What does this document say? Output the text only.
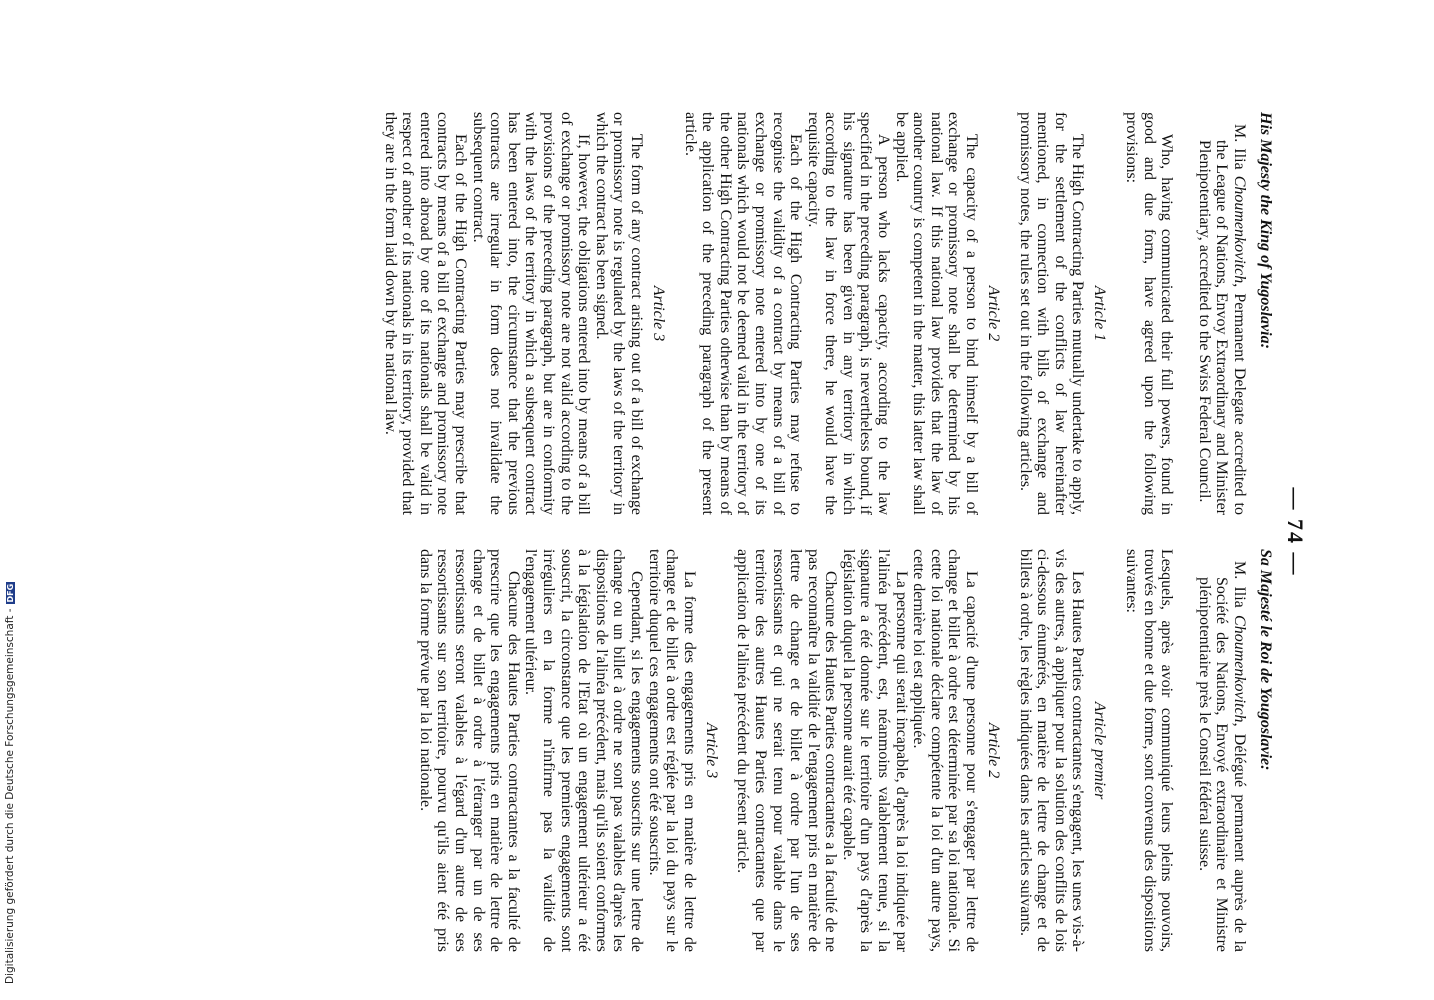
— 74 —
His Majesty the King of Yugoslavia:
M. Ilia Choumenkovitch, Permanent Delegate accredited to the League of Nations, Envoy Extraordinary and Minister Plenipotentiary, accredited to the Swiss Federal Council.

Who, having communicated their full powers, found in good and due form, have agreed upon the following provisions:

Article 1

The High Contracting Parties mutually undertake to apply, for the settlement of the conflicts of law hereinafter mentioned, in connection with bills of exchange and promissory notes, the rules set out in the following articles.

Article 2

The capacity of a person to bind himself by a bill of exchange or promissory note shall be determined by his national law. If this national law provides that the law of another country is competent in the matter, this latter law shall be applied.

A person who lacks capacity, according to the law specified in the preceding paragraph, is nevertheless bound, if his signature has been given in any territory in which according to the law in force there, he would have the requisite capacity.

Each of the High Contracting Parties may refuse to recognise the validity of a contract by means of a bill of exchange or promissory note entered into by one of its nationals which would not be deemed valid in the territory of the other High Contracting Parties otherwise than by means of the application of the preceding paragraph of the present article.

Article 3

The form of any contract arising out of a bill of exchange or promissory note is regulated by the laws of the territory in which the contract has been signed.

If, however, the obligations entered into by means of a bill of exchange or promissory note are not valid according to the provisions of the preceding paragraph, but are in conformity with the laws of the territory in which a subsequent contract has been entered into, the circumstance that the previous contracts are irregular in form does not invalidate the subsequent contract.

Each of the High Contracting Parties may prescribe that contracts by means of a bill of exchange and promissory note entered into abroad by one of its nationals shall be valid in respect of another of its nationals in its territory, provided that they are in the form laid down by the national law.

Sa Majesté le Roi de Yougoslavie:
M. Ilia Choumenkovitch, Délégué permanent auprès de la Société des Nations, Envoyé extraordinaire et Ministre plénipotentiaire près le Conseil fédéral suisse.

Lesquels, après avoir communiqué leurs pleins pouvoirs, trouvés en bonne et due forme, sont convenus des dispositions suivantes:

Article premier

Les Hautes Parties contractantes s'engagent, les unes vis-à-vis des autres, à appliquer pour la solution des conflits de lois ci-dessous énumérés, en matière de lettre de change et de billets à ordre, les règles indiquées dans les articles suivants.

Article 2

La capacité d'une personne pour s'engager par lettre de change et billet à ordre est déterminée par sa loi nationale. Si cette loi nationale déclare compétente la loi d'un autre pays, cette dernière loi est appliquée.

La personne qui serait incapable, d'après la loi indiquée par l'alinéa précédent, est, néanmoins valablement tenue, si la signature a été donnée sur le territoire d'un pays d'après la législation duquel la personne aurait été capable.

Chacune des Hautes Parties contractantes a la faculté de ne pas reconnaître la validité de l'engagement pris en matière de lettre de change et de billet à ordre par l'un de ses ressortissants et qui ne serait tenu pour valable dans le territoire des autres Hautes Parties contractantes que par application de l'alinéa précédent du présent article.

Article 3

La forme des engagements pris en matière de lettre de change et de billet à ordre est réglée par la loi du pays sur le territoire duquel ces engagements ont été souscrits.

Cependant, si les engagements souscrits sur une lettre de change ou un billet à ordre ne sont pas valables d'après les dispositions de l'alinéa précédent, mais qu'ils soient conformes à la législation de l'Etat où un engagement ultérieur a été souscrit, la circonstance que les premiers engagements sont irréguliers en la forme n'infirme pas la validité de l'engagement ultérieur.

Chacune des Hautes Parties contractantes a la faculté de prescrire que les engagements pris en matière de lettre de change et de billet à ordre à l'étranger par un de ses ressortissants seront valables à l'égard d'un autre de ses ressortissants sur son territoire, pourvu qu'ils aient été pris dans la forme prévue par la loi nationale.

Digitalisierung gefördert durch die Deutsche Forschungsgemeinschaft -DFG
